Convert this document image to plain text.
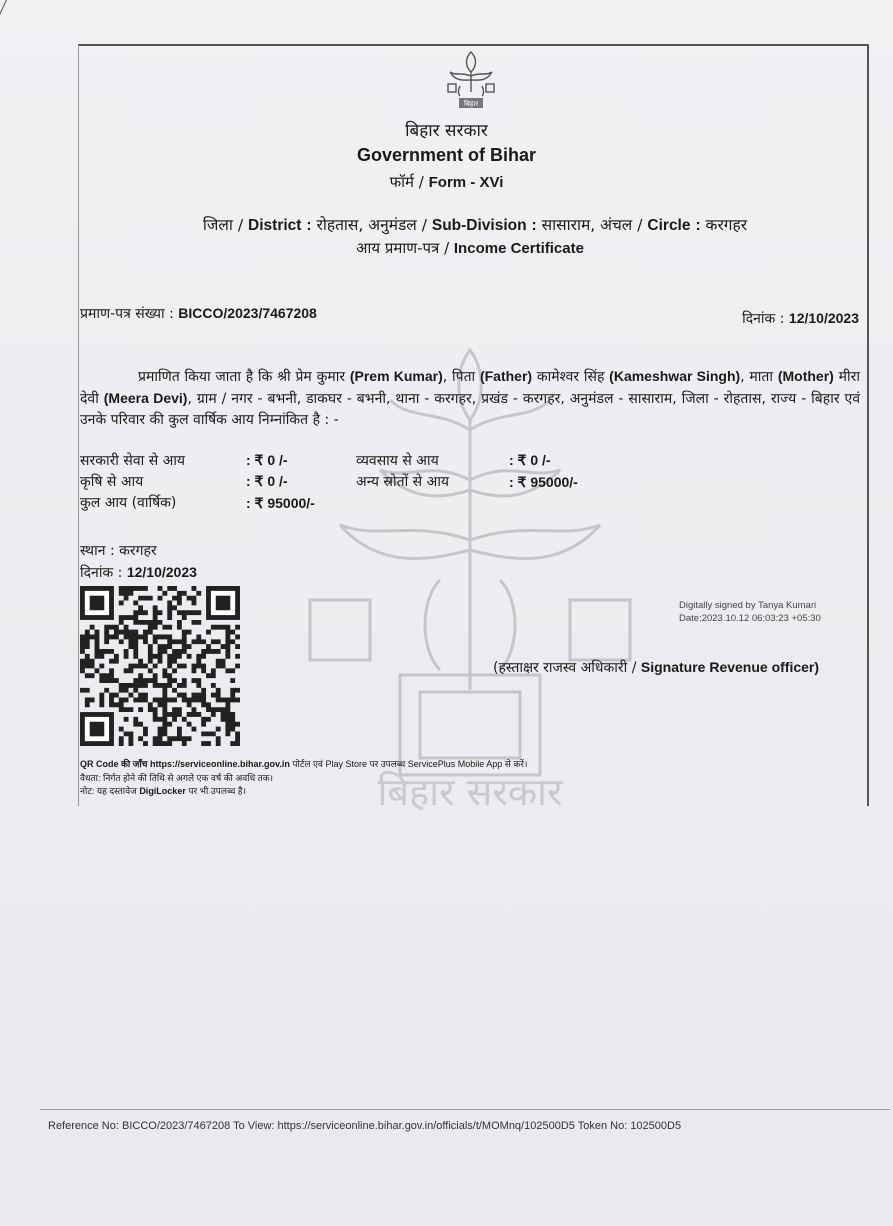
बिहार सरकार
बिहार
बिहार सरकार
Government of Bihar
फॉर्म / Form - XVi
जिला / District : रोहतास, अनुमंडल / Sub-Division : सासाराम, अंचल / Circle : करगहर
आय प्रमाण-पत्र / Income Certificate
प्रमाण-पत्र संख्या : BICCO/2023/7467208	दिनांक : 12/10/2023
प्रमाणित किया जाता है कि श्री प्रेम कुमार (Prem Kumar), पिता (Father) कामेश्वर सिंह (Kameshwar Singh), माता (Mother) मीरा देवी (Meera Devi), ग्राम / नगर - बभनी, डाकघर - बभनी, थाना - करगहर, प्रखंड - करगहर, अनुमंडल - सासाराम, जिला - रोहतास, राज्य - बिहार एवं उनके परिवार की कुल वार्षिक आय निम्नांकित है : -
सरकारी सेवा से आय	: ₹ 0 /-	व्यवसाय से आय	: ₹ 0 /-
कृषि से आय	: ₹ 0 /-	अन्य स्रोतों से आय	: ₹ 95000/-
कुल आय (वार्षिक)	: ₹ 95000/-
स्थान : करगहर
दिनांक : 12/10/2023
Digitally signed by Tanya Kumari
Date:2023.10.12 06:03:23 +05:30
(हस्ताक्षर राजस्व अधिकारी / Signature Revenue officer)
QR Code की जाँच https://serviceonline.bihar.gov.in पोर्टल एवं Play Store पर उपलब्ध ServicePlus Mobile App से करें।
वैधता: निर्गत होने की तिथि से अगले एक वर्ष की अवधि तक।
नोट: यह दस्तावेज DigiLocker पर भी उपलब्ध है।
Reference No: BICCO/2023/7467208 To View: https://serviceonline.bihar.gov.in/officials/t/MOMnq/102500D5 Token No: 102500D5
